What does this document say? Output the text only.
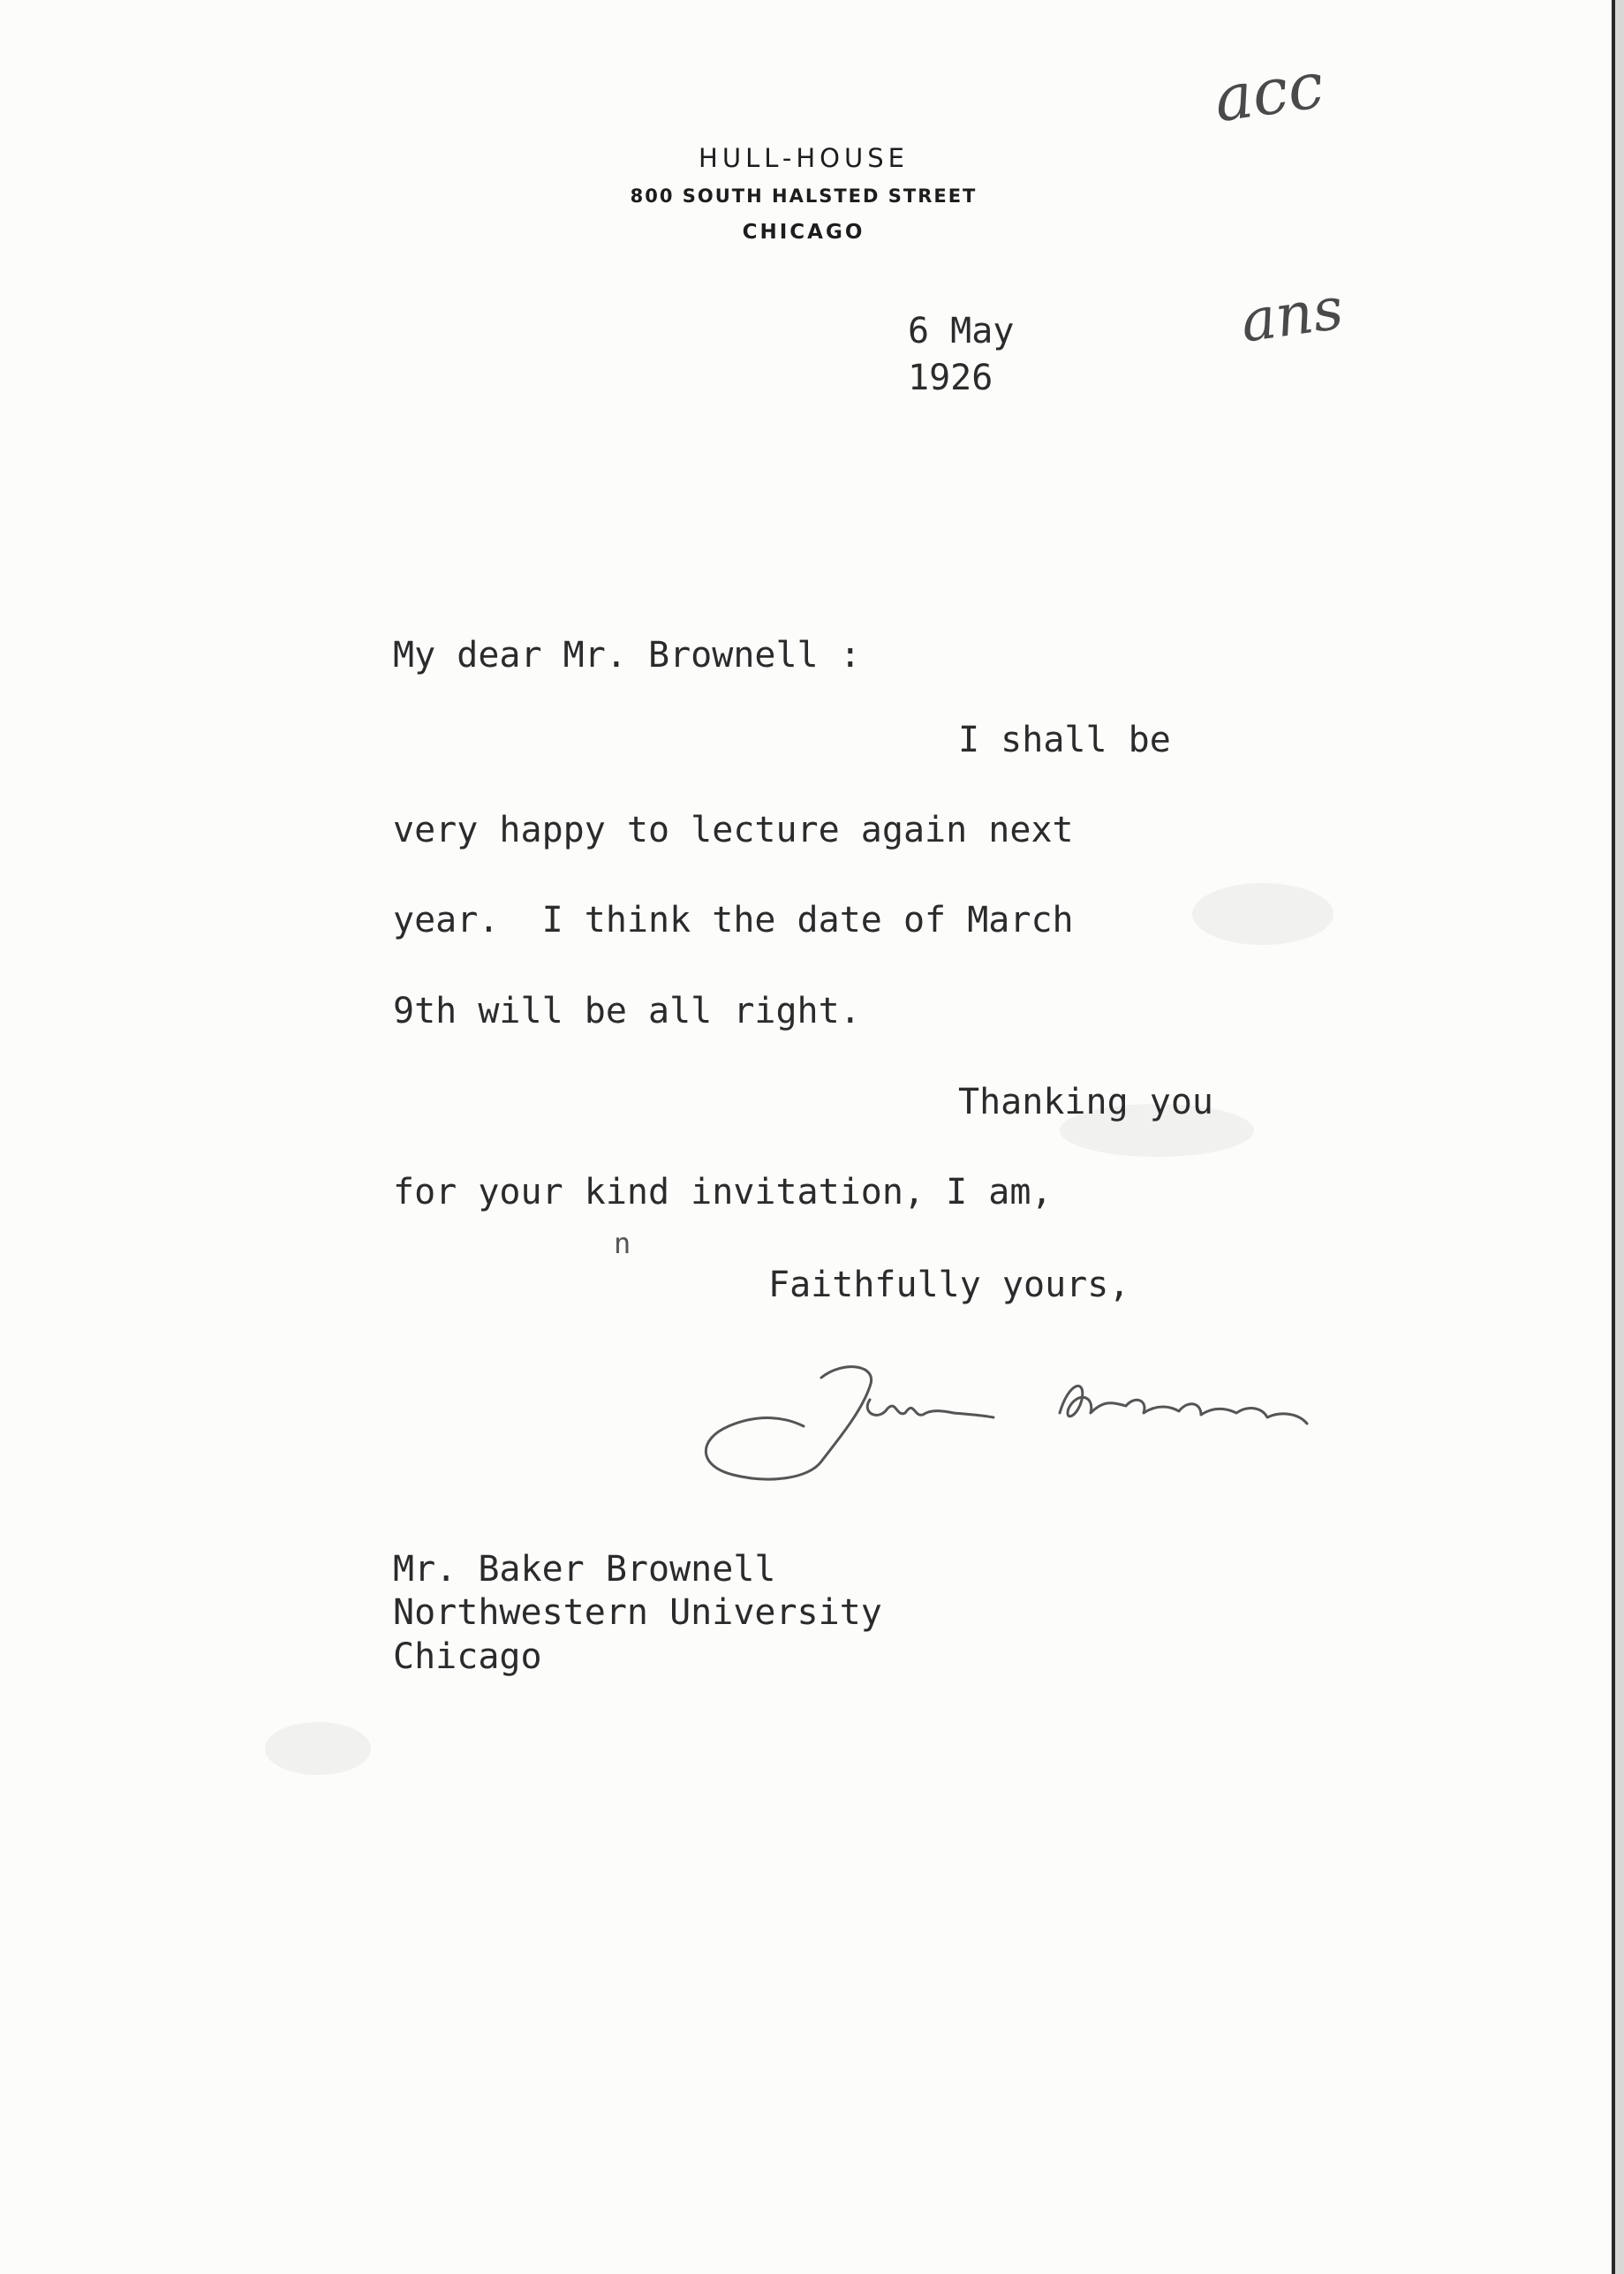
HULL-HOUSE
800 SOUTH HALSTED STREET
CHICAGO
acc
ans
6 May
1926
My dear Mr. Brownell :
I shall be
very happy to lecture again next
year.  I think the date of March
9th will be all right.
Thanking you
for your kind invitation, I am,
n
Faithfully yours,
Mr. Baker Brownell
Northwestern University
Chicago
